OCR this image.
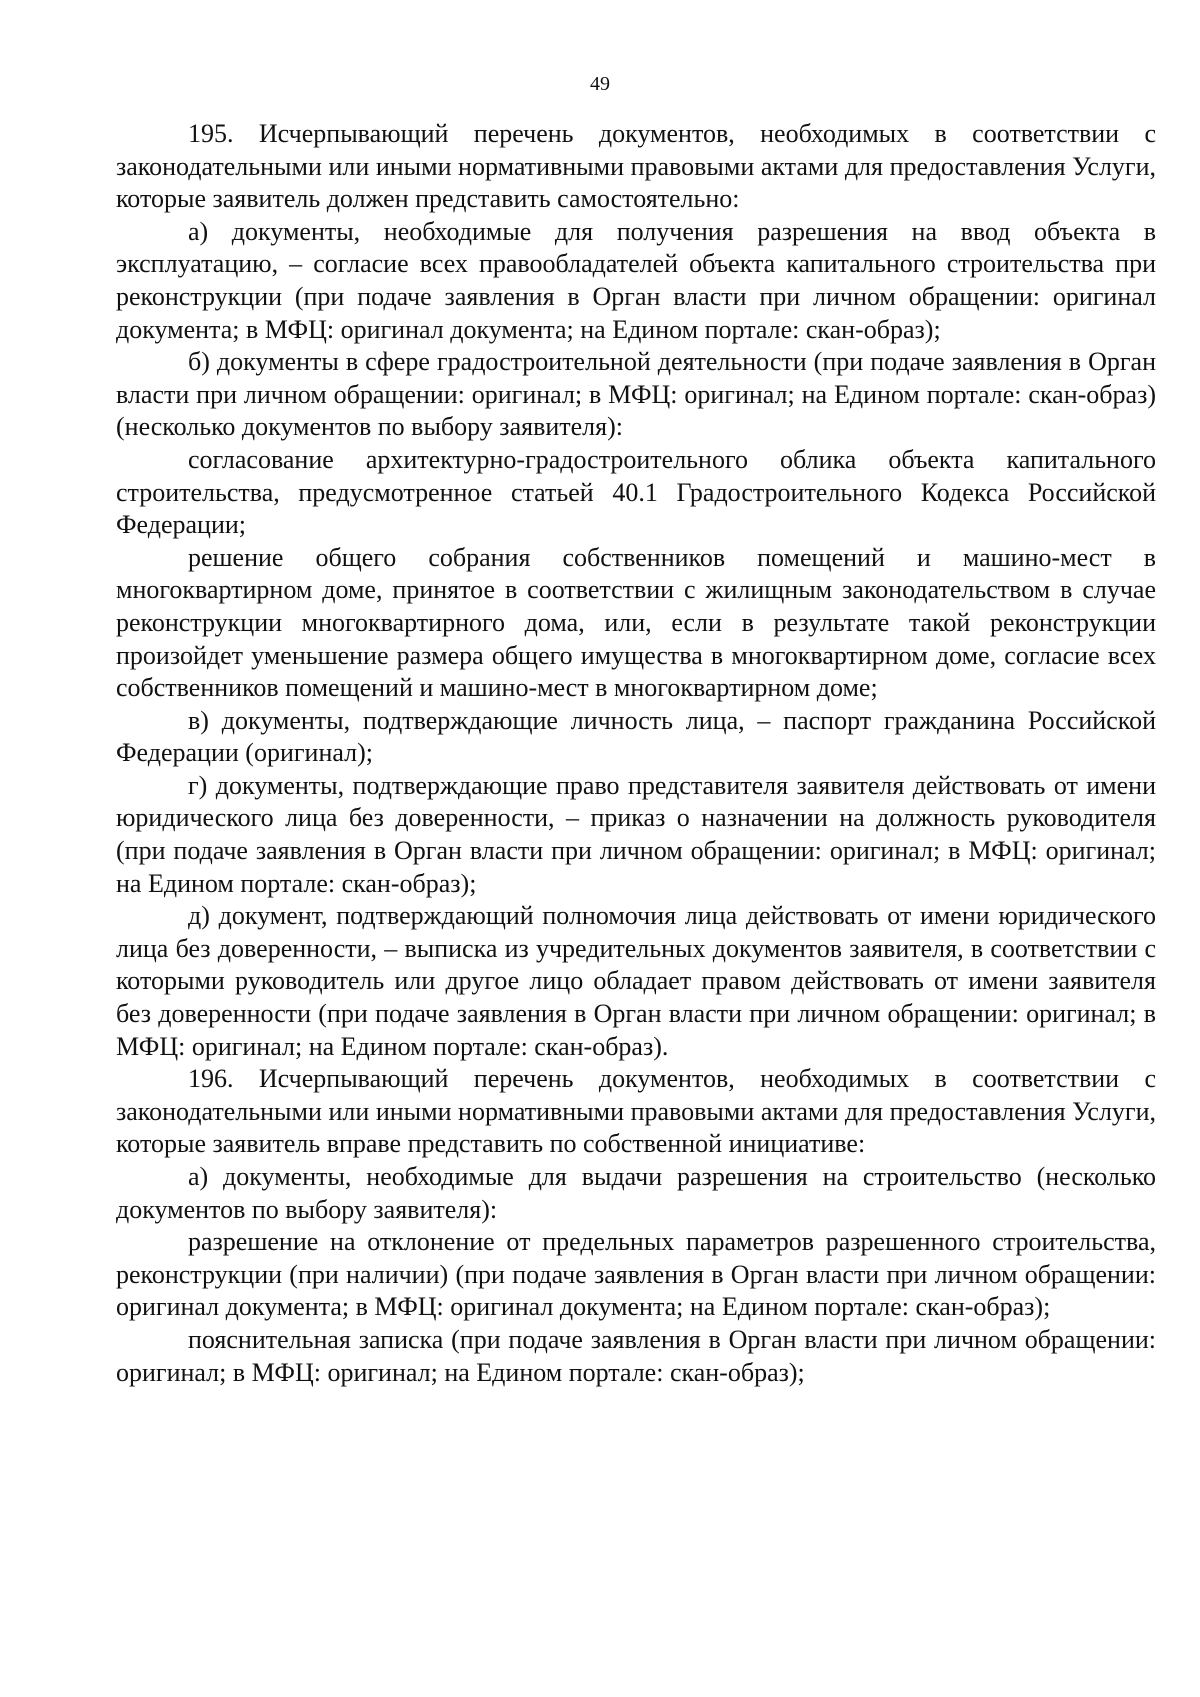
49

195. Исчерпывающий перечень документов, необходимых в соответствии с законодательными или иными нормативными правовыми актами для предоставления Услуги, которые заявитель должен представить самостоятельно:

а) документы, необходимые для получения разрешения на ввод объекта в эксплуатацию, – согласие всех правообладателей объекта капитального строительства при реконструкции (при подаче заявления в Орган власти при личном обращении: оригинал документа; в МФЦ: оригинал документа; на Едином портале: скан-образ);

б) документы в сфере градостроительной деятельности (при подаче заявления в Орган власти при личном обращении: оригинал; в МФЦ: оригинал; на Едином портале: скан-образ) (несколько документов по выбору заявителя):

согласование архитектурно-градостроительного облика объекта капитального строительства, предусмотренное статьей 40.1 Градостроительного Кодекса Российской Федерации;

решение общего собрания собственников помещений и машино-мест в многоквартирном доме, принятое в соответствии с жилищным законодательством в случае реконструкции многоквартирного дома, или, если в результате такой реконструкции произойдет уменьшение размера общего имущества в многоквартирном доме, согласие всех собственников помещений и машино-мест в многоквартирном доме;

в) документы, подтверждающие личность лица, – паспорт гражданина Российской Федерации (оригинал);

г) документы, подтверждающие право представителя заявителя действовать от имени юридического лица без доверенности, – приказ о назначении на должность руководителя (при подаче заявления в Орган власти при личном обращении: оригинал; в МФЦ: оригинал; на Едином портале: скан-образ);

д) документ, подтверждающий полномочия лица действовать от имени юридического лица без доверенности, – выписка из учредительных документов заявителя, в соответствии с которыми руководитель или другое лицо обладает правом действовать от имени заявителя без доверенности (при подаче заявления в Орган власти при личном обращении: оригинал; в МФЦ: оригинал; на Едином портале: скан-образ).

196. Исчерпывающий перечень документов, необходимых в соответствии с законодательными или иными нормативными правовыми актами для предоставления Услуги, которые заявитель вправе представить по собственной инициативе:

а) документы, необходимые для выдачи разрешения на строительство (несколько документов по выбору заявителя):

разрешение на отклонение от предельных параметров разрешенного строительства, реконструкции (при наличии) (при подаче заявления в Орган власти при личном обращении: оригинал документа; в МФЦ: оригинал документа; на Едином портале: скан-образ);

пояснительная записка (при подаче заявления в Орган власти при личном обращении: оригинал; в МФЦ: оригинал; на Едином портале: скан-образ);
